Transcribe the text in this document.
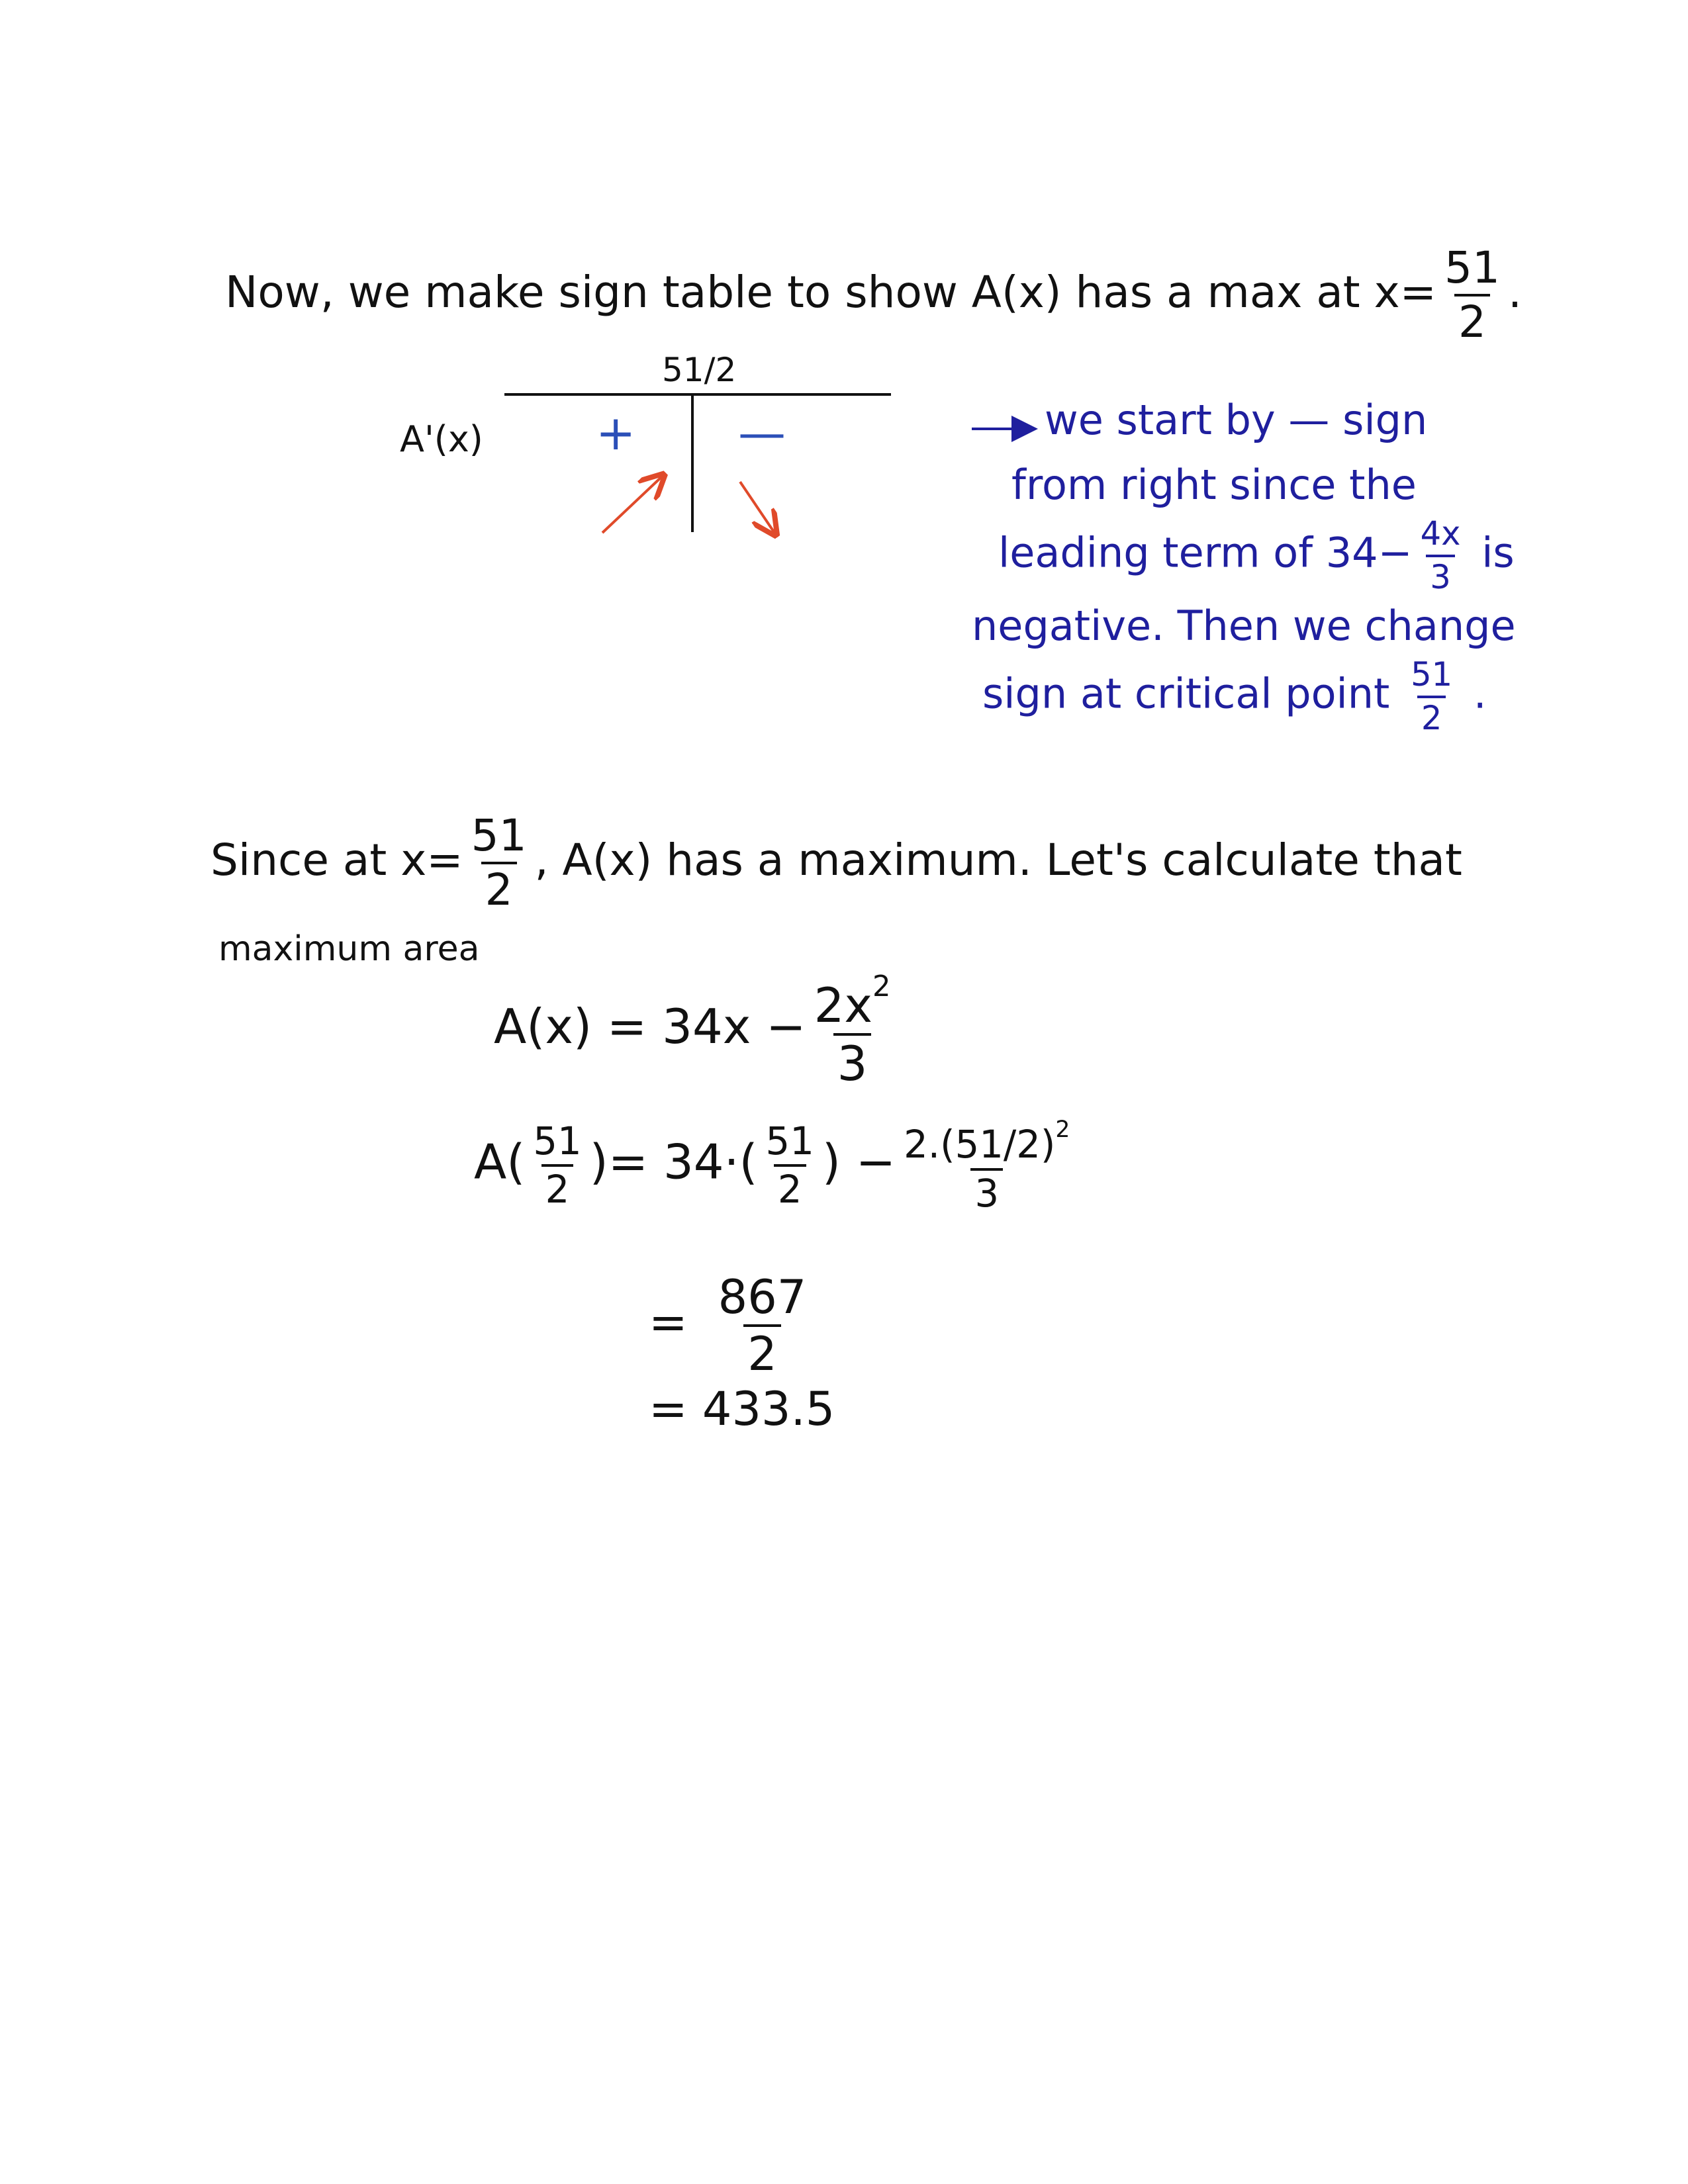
Now, we make sign table to show A(x) has a max at $x= \frac{51}{2}$ .
51/2
A'(x) + —	we start by — sign
from right since the
leading term of $34- \frac{4x}{3}$ is
negative. Then we change
sign at critical point $\frac{51}{2}$ .
Since at $x= \frac{51}{2}$ , A(x) has a maximum. Let's calculate that
maximum area
$A(x) = 34x - \frac{2x^2}{3}$
$A( \frac{51}{2}$ )= $34\cdot( \frac{51}{2}$ ) − $\frac{2.(51/2)^2}{3}$
= $\frac{867}{2}$
= 433.5
